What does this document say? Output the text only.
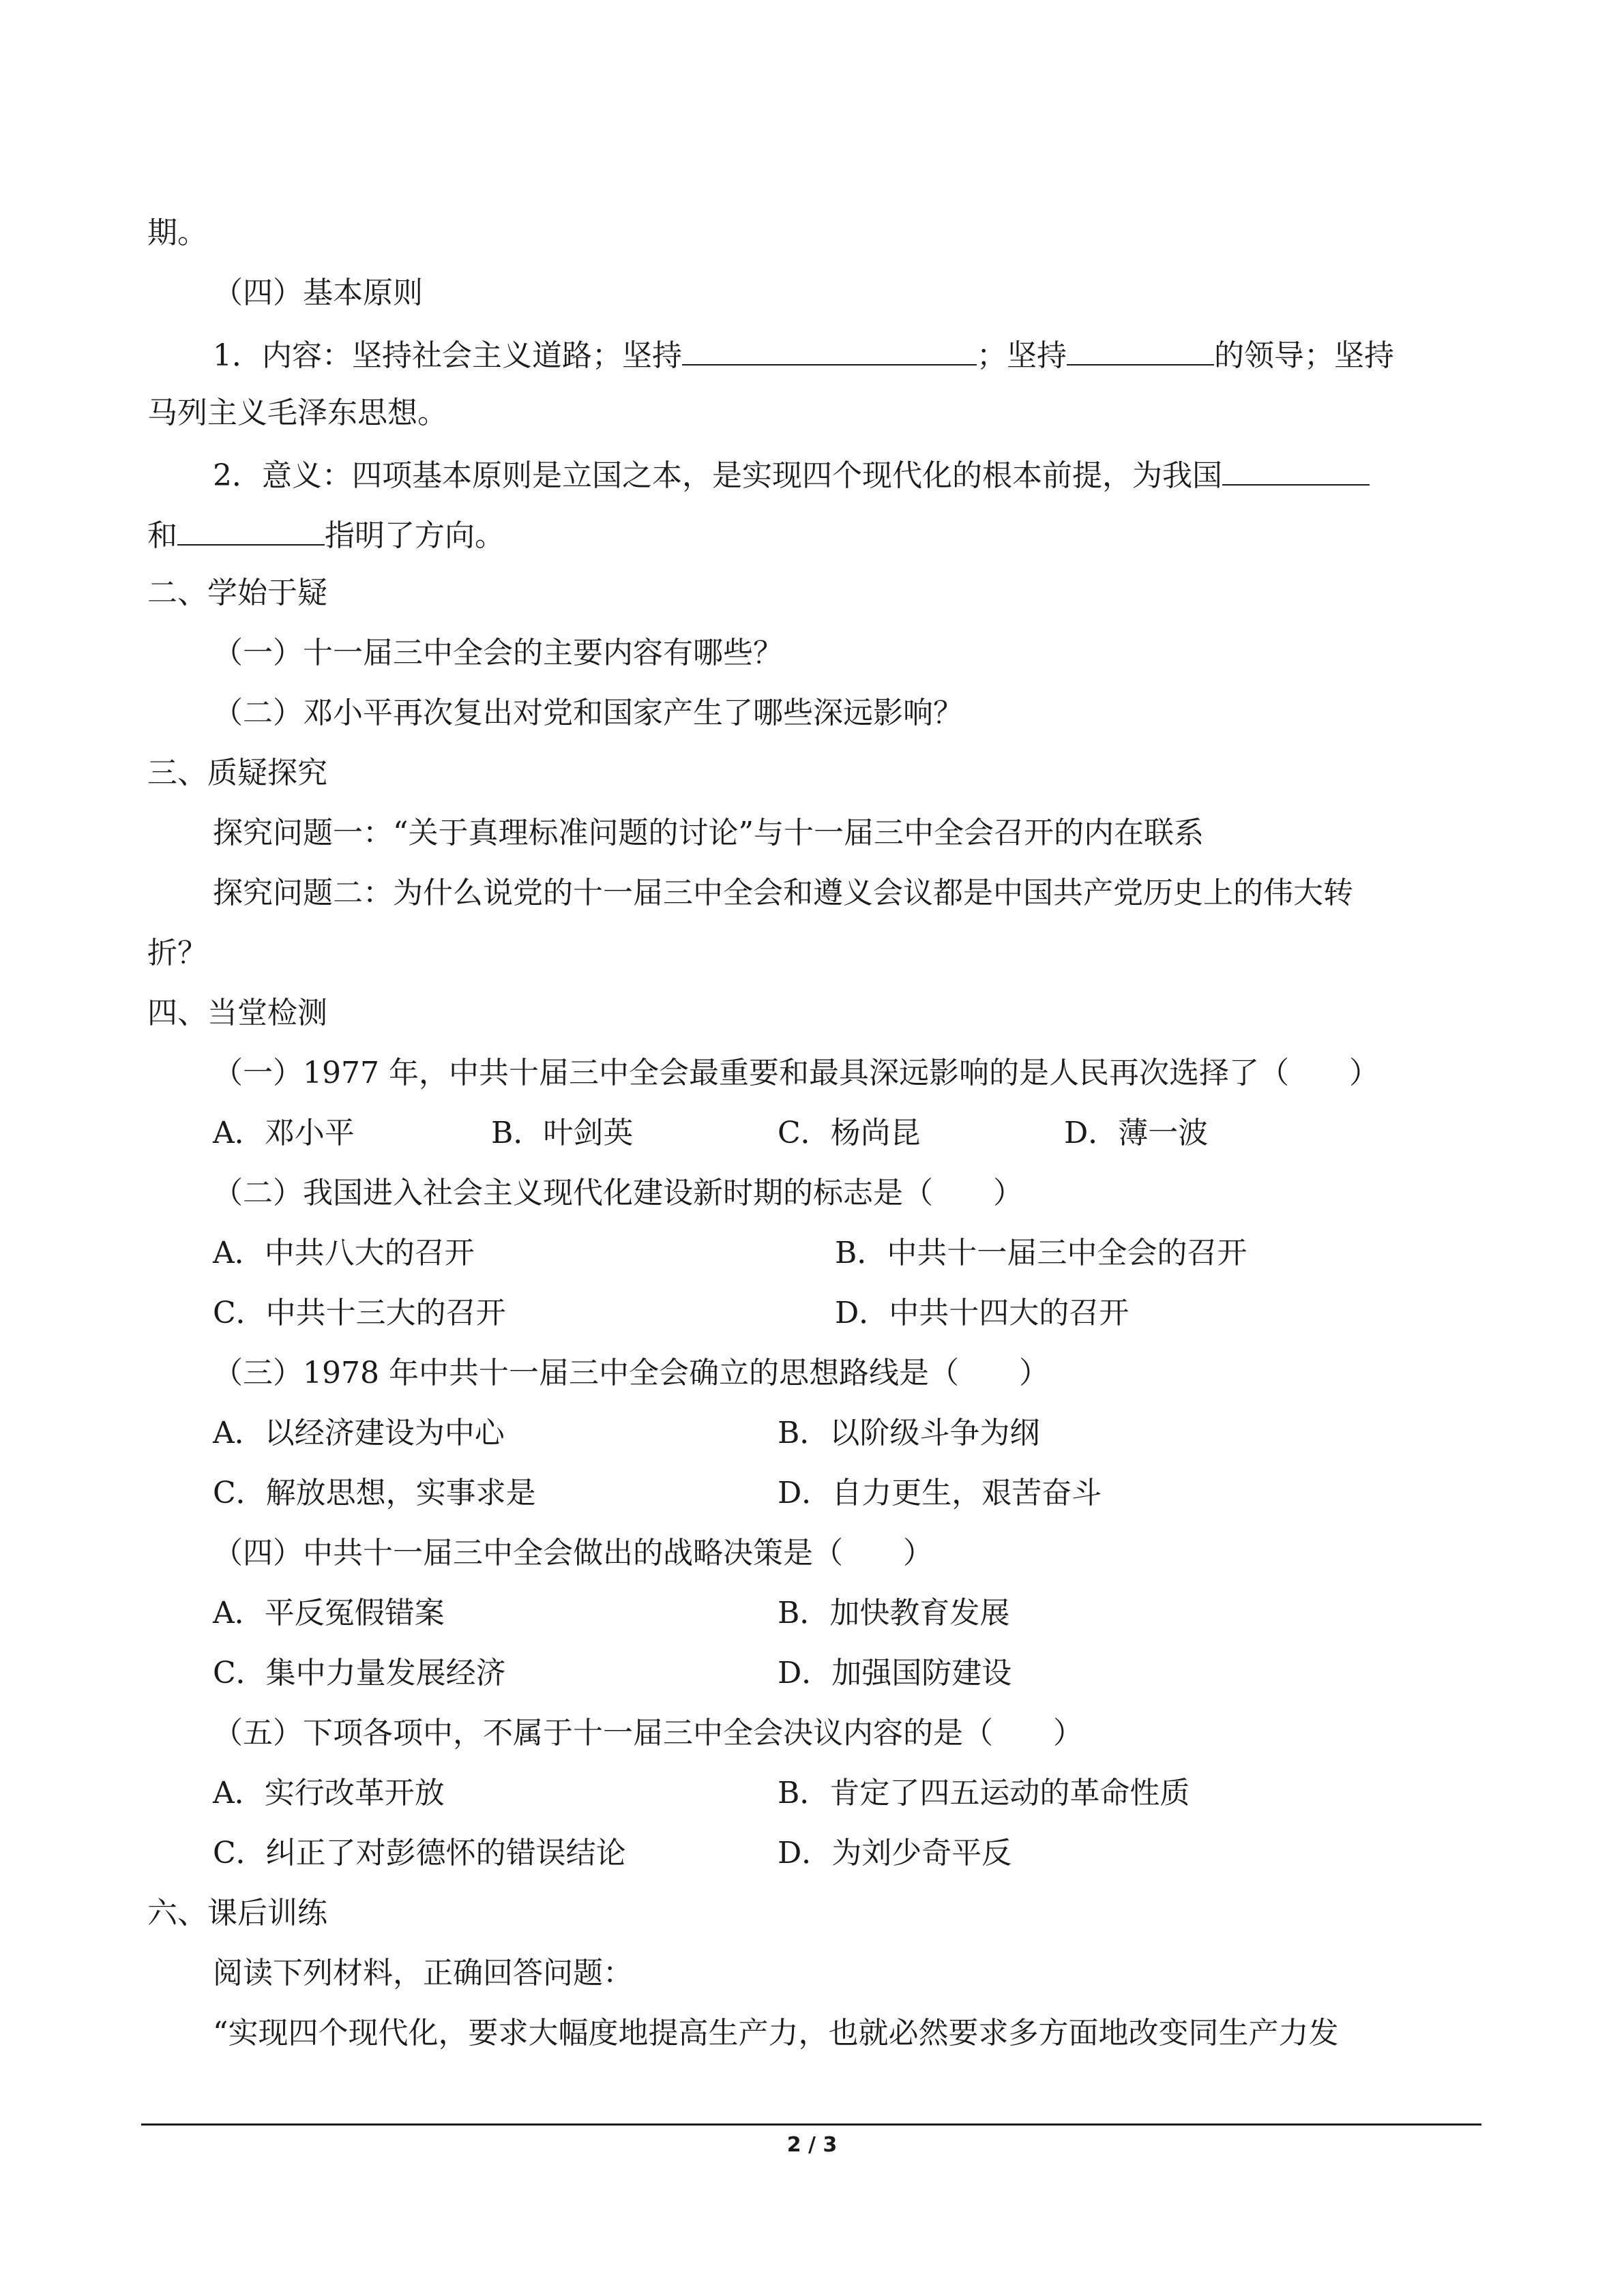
期。
（四）基本原则
1．内容：坚持社会主义道路；坚持	；坚持	的领导；坚持
马列主义毛泽东思想。
2．意义：四项基本原则是立国之本，是实现四个现代化的根本前提，为我国
和	指明了方向。
二、学始于疑
（一）十一届三中全会的主要内容有哪些？
（二）邓小平再次复出对党和国家产生了哪些深远影响？
三、质疑探究
探究问题一：“关于真理标准问题的讨论”与十一届三中全会召开的内在联系
探究问题二：为什么说党的十一届三中全会和遵义会议都是中国共产党历史上的伟大转
折？
四、当堂检测
（一）1977 年，中共十届三中全会最重要和最具深远影响的是人民再次选择了（　　）
A．邓小平	B．叶剑英	C．杨尚昆	D．薄一波
（二）我国进入社会主义现代化建设新时期的标志是（　　）
A．中共八大的召开	B．中共十一届三中全会的召开
C．中共十三大的召开	D．中共十四大的召开
（三）1978 年中共十一届三中全会确立的思想路线是（　　）
A．以经济建设为中心	B．以阶级斗争为纲
C．解放思想，实事求是	D．自力更生，艰苦奋斗
（四）中共十一届三中全会做出的战略决策是（　　）
A．平反冤假错案	B．加快教育发展
C．集中力量发展经济	D．加强国防建设
（五）下项各项中，不属于十一届三中全会决议内容的是（　　）
A．实行改革开放	B．肯定了四五运动的革命性质
C．纠正了对彭德怀的错误结论	D．为刘少奇平反
六、课后训练
阅读下列材料，正确回答问题：
“实现四个现代化，要求大幅度地提高生产力，也就必然要求多方面地改变同生产力发
2 / 3
